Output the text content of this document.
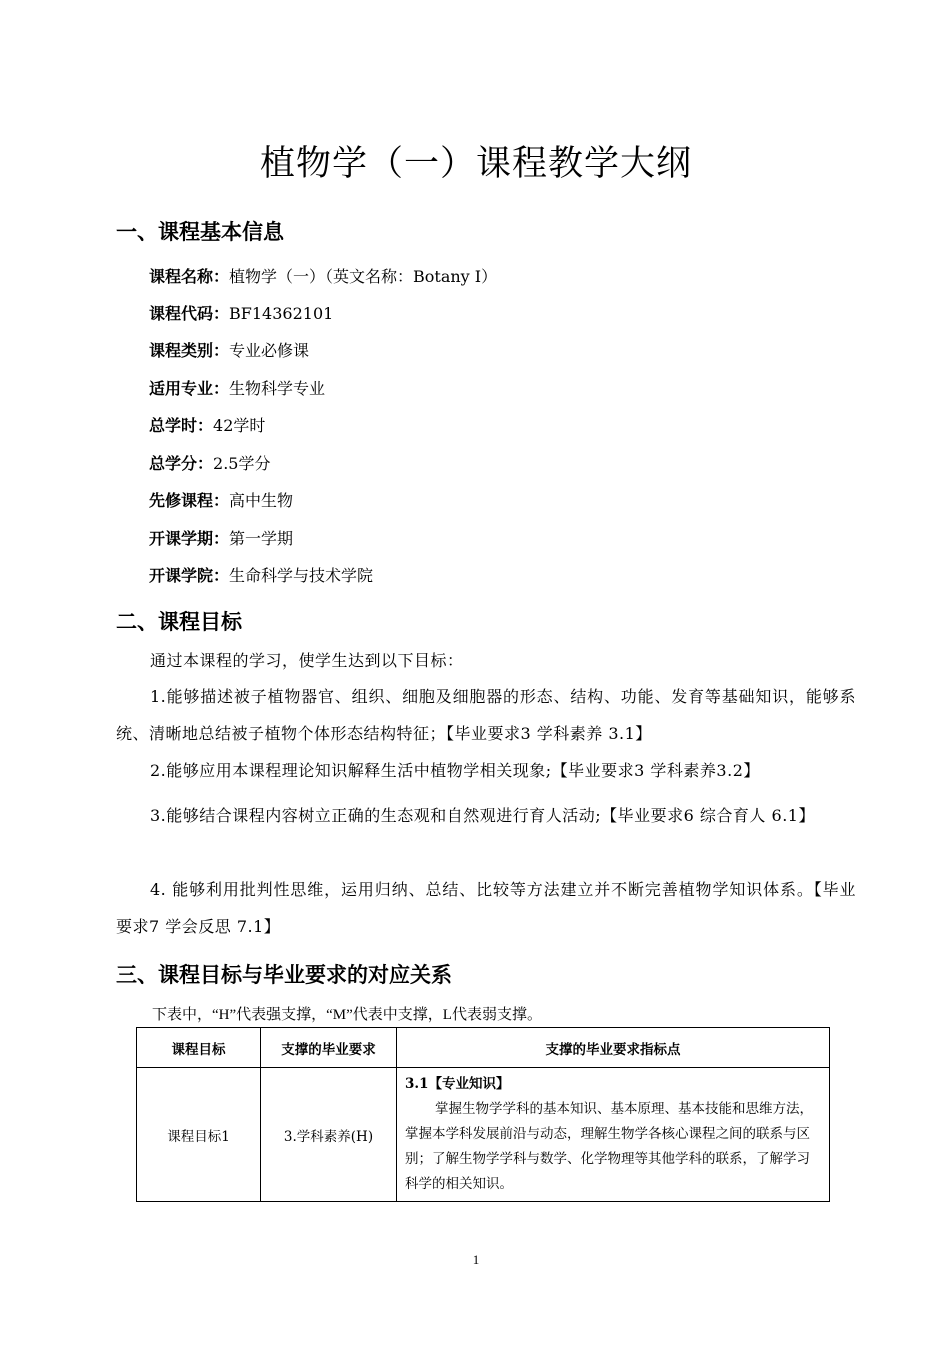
植物学（一）课程教学大纲
一、课程基本信息
课程名称：植物学（一）（英文名称：Botany Ⅰ）
课程代码：BF14362101
课程类别：专业必修课
适用专业：生物科学专业
总学时：42学时
总学分：2.5学分
先修课程：高中生物
开课学期：第一学期
开课学院：生命科学与技术学院
二、课程目标
通过本课程的学习，使学生达到以下目标：
1.能够描述被子植物器官、组织、细胞及细胞器的形态、结构、功能、发育等基础知识，能够系统、清晰地总结被子植物个体形态结构特征；【毕业要求3 学科素养 3.1】
2.能够应用本课程理论知识解释生活中植物学相关现象;【毕业要求3 学科素养3.2】
3.能够结合课程内容树立正确的生态观和自然观进行育人活动;【毕业要求6 综合育人 6.1】
4. 能够利用批判性思维，运用归纳、总结、比较等方法建立并不断完善植物学知识体系。【毕业要求7 学会反思 7.1】
三、课程目标与毕业要求的对应关系
下表中，“H”代表强支撑，“M”代表中支撑，L代表弱支撑。
课程目标	支撑的毕业要求	支撑的毕业要求指标点
课程目标1	3.学科素养(H)	3.1【专业知识】
掌握生物学学科的基本知识、基本原理、基本技能和思维方法，掌握本学科发展前沿与动态，理解生物学各核心课程之间的联系与区别；了解生物学学科与数学、化学物理等其他学科的联系，了解学习科学的相关知识。
1
